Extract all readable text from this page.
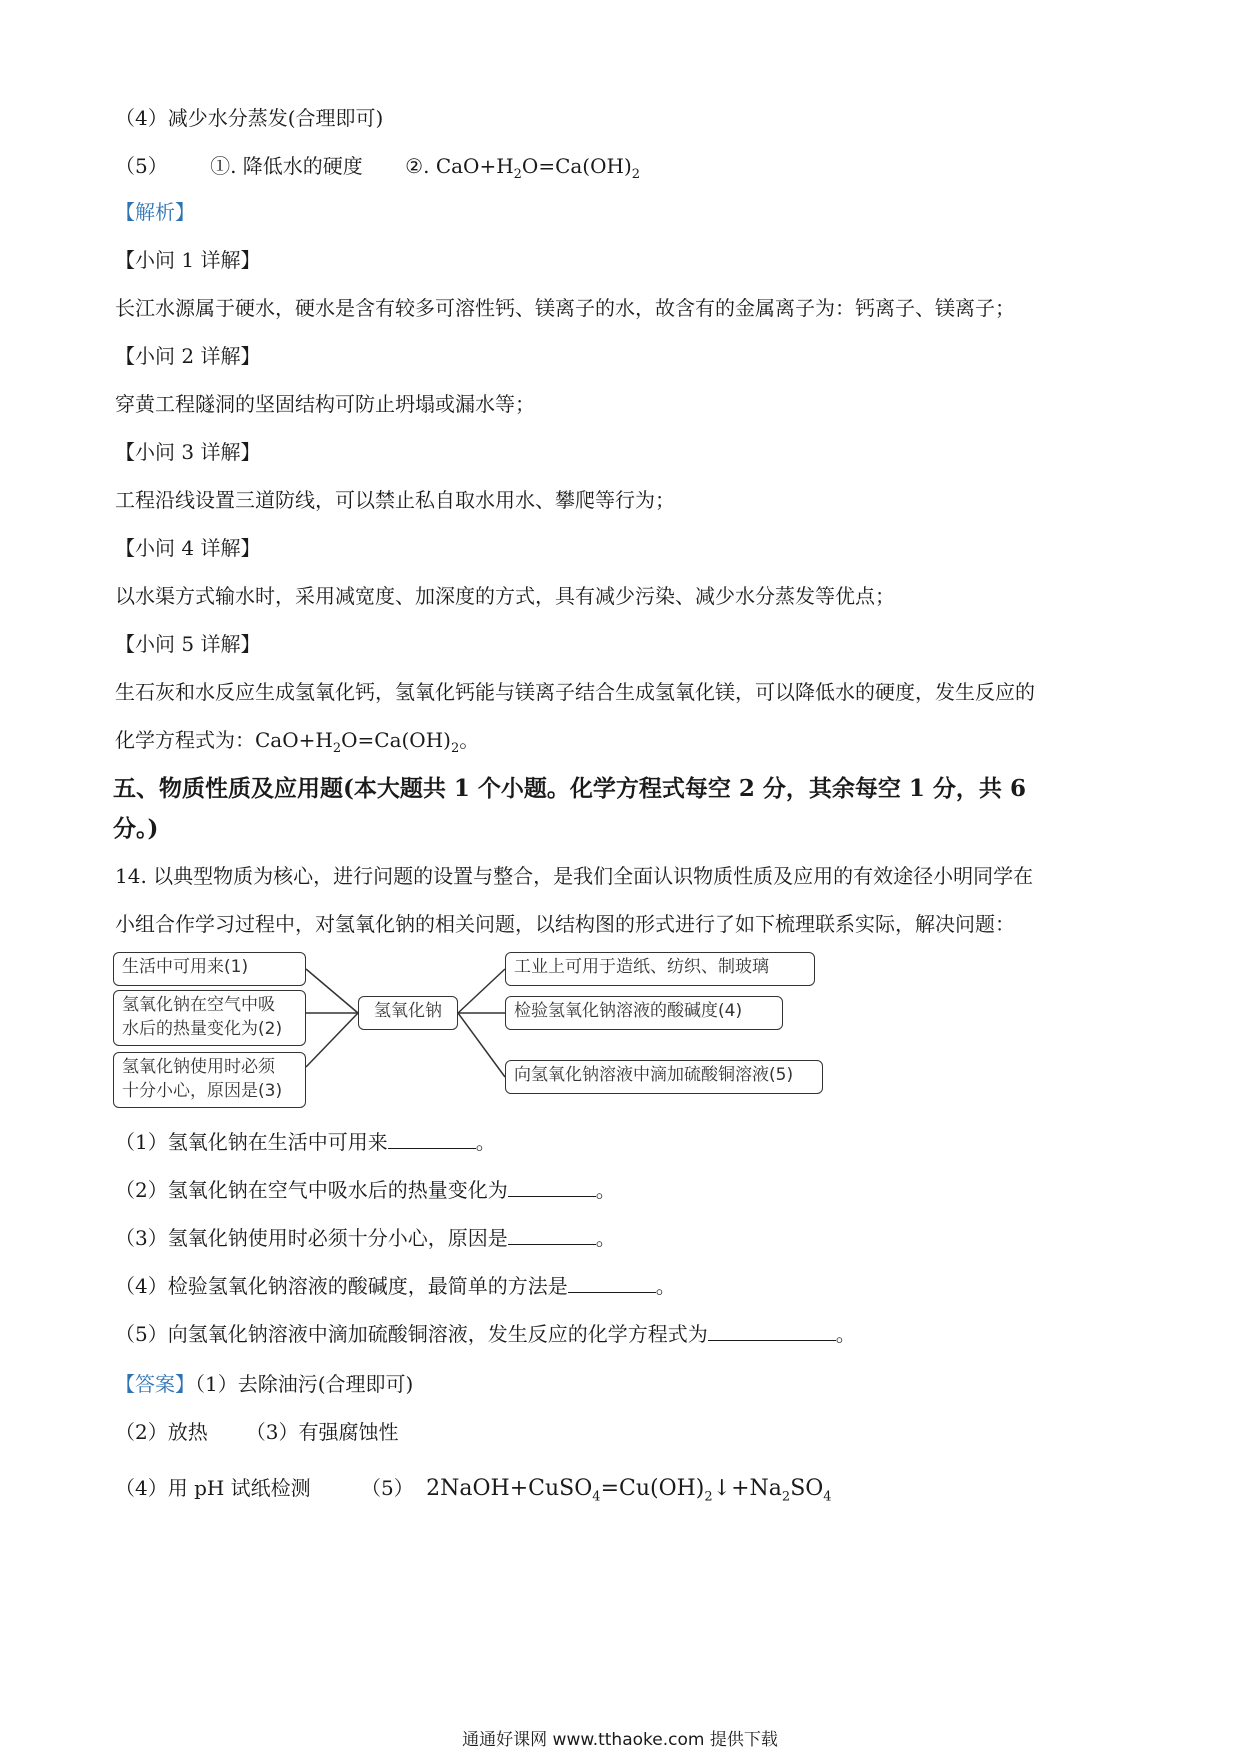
（4）减少水分蒸发(合理即可)
（5） ①. 降低水的硬度 ②. $CaO+H_2O=Ca(OH)_2$
【解析】
【小问 1 详解】
长江水源属于硬水，硬水是含有较多可溶性钙、镁离子的水，故含有的金属离子为：钙离子、镁离子；
【小问 2 详解】
穿黄工程隧洞的坚固结构可防止坍塌或漏水等；
【小问 3 详解】
工程沿线设置三道防线，可以禁止私自取水用水、攀爬等行为；
【小问 4 详解】
以水渠方式输水时，采用减宽度、加深度的方式，具有减少污染、减少水分蒸发等优点；
【小问 5 详解】
生石灰和水反应生成氢氧化钙，氢氧化钙能与镁离子结合生成氢氧化镁，可以降低水的硬度，发生反应的
化学方程式为：$CaO+H_2O=Ca(OH)_2$。
五、物质性质及应用题(本大题共 1 个小题。化学方程式每空 2 分，其余每空 1 分，共 6
分。)
14. 以典型物质为核心，进行问题的设置与整合，是我们全面认识物质性质及应用的有效途径小明同学在
小组合作学习过程中，对氢氧化钠的相关问题，以结构图的形式进行了如下梳理联系实际，解决问题：
生活中可用来(1)
氢氧化钠在空气中吸
水后的热量变化为(2)
氢氧化钠使用时必须
十分小心，原因是(3)
氢氧化钠
工业上可用于造纸、纺织、制玻璃
检验氢氧化钠溶液的酸碱度(4)
向氢氧化钠溶液中滴加硫酸铜溶液(5)
（1）氢氧化钠在生活中可用来	。
（2）氢氧化钠在空气中吸水后的热量变化为	。
（3）氢氧化钠使用时必须十分小心，原因是	。
（4）检验氢氧化钠溶液的酸碱度，最简单的方法是	。
（5）向氢氧化钠溶液中滴加硫酸铜溶液，发生反应的化学方程式为	。
【答案】（1）去除油污(合理即可)
（2）放热 （3）有强腐蚀性
（4）用 pH 试纸检测	（5） $2NaOH+CuSO_4=Cu(OH)_2↓+Na_2SO_4$
通通好课网 www.tthaoke.com 提供下载
